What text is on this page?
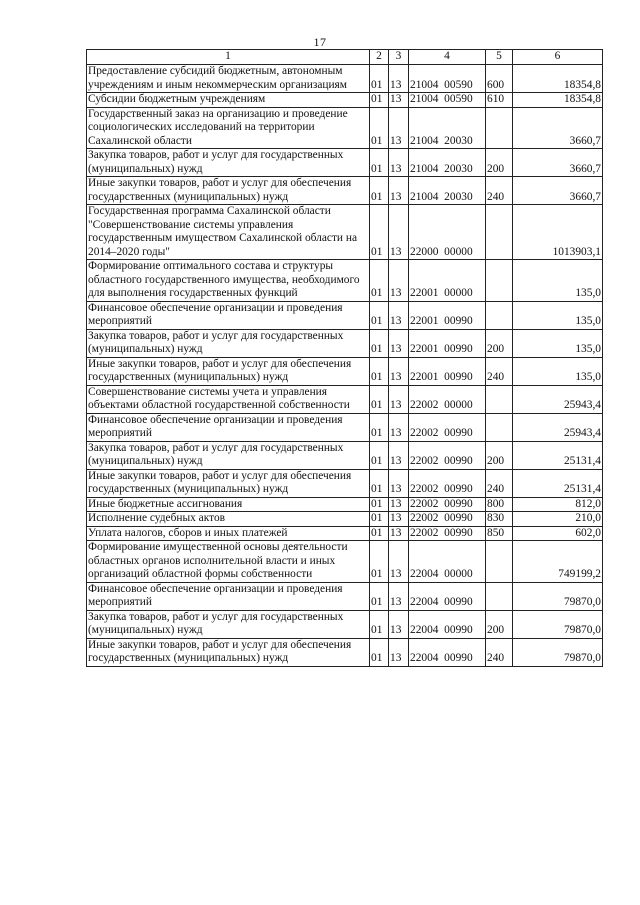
17
1	2	3	4	5	6
Предоставление субсидий бюджетным, автономным учреждениям и иным некоммерческим организациям	01	13	21004  00590	600	18354,8
Субсидии бюджетным учреждениям	01	13	21004  00590	610	18354,8
Государственный заказ на организацию и проведение социологических исследований на территории Сахалинской области	01	13	21004  20030		3660,7
Закупка товаров, работ и услуг для государственных (муниципальных) нужд	01	13	21004  20030	200	3660,7
Иные закупки товаров, работ и услуг для обеспечения государственных (муниципальных) нужд	01	13	21004  20030	240	3660,7
Государственная программа Сахалинской области "Совершенствование системы управления государственным имуществом Сахалинской области на 2014–2020 годы"	01	13	22000  00000		1013903,1
Формирование оптимального состава и структуры областного государственного имущества, необходимого для выполнения государственных функций	01	13	22001  00000		135,0
Финансовое обеспечение организации и проведения мероприятий	01	13	22001  00990		135,0
Закупка товаров, работ и услуг для государственных (муниципальных) нужд	01	13	22001  00990	200	135,0
Иные закупки товаров, работ и услуг для обеспечения государственных (муниципальных) нужд	01	13	22001  00990	240	135,0
Совершенствование системы учета и управления объектами областной государственной собственности	01	13	22002  00000		25943,4
Финансовое обеспечение организации и проведения мероприятий	01	13	22002  00990		25943,4
Закупка товаров, работ и услуг для государственных (муниципальных) нужд	01	13	22002  00990	200	25131,4
Иные закупки товаров, работ и услуг для обеспечения государственных (муниципальных) нужд	01	13	22002  00990	240	25131,4
Иные бюджетные ассигнования	01	13	22002  00990	800	812,0
Исполнение судебных актов	01	13	22002  00990	830	210,0
Уплата налогов, сборов и иных платежей	01	13	22002  00990	850	602,0
Формирование имущественной основы деятельности областных органов исполнительной власти и иных организаций областной формы собственности	01	13	22004  00000		749199,2
Финансовое обеспечение организации и проведения мероприятий	01	13	22004  00990		79870,0
Закупка товаров, работ и услуг для государственных (муниципальных) нужд	01	13	22004  00990	200	79870,0
Иные закупки товаров, работ и услуг для обеспечения государственных (муниципальных) нужд	01	13	22004  00990	240	79870,0
